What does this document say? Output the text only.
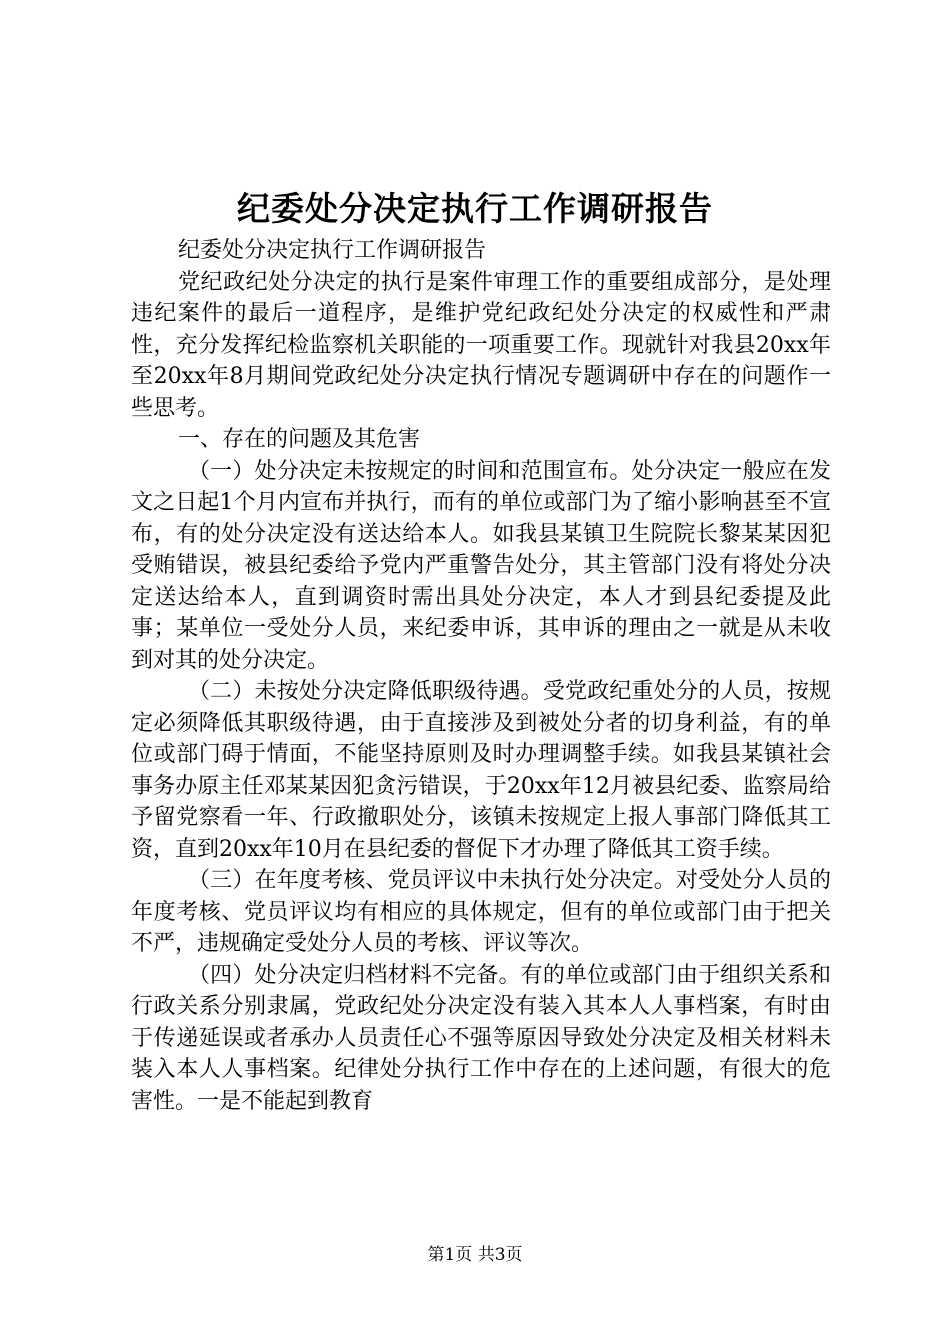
纪委处分决定执行工作调研报告

纪委处分决定执行工作调研报告

党纪政纪处分决定的执行是案件审理工作的重要组成部分，是处理违纪案件的最后一道程序，是维护党纪政纪处分决定的权威性和严肃性，充分发挥纪检监察机关职能的一项重要工作。现就针对我县20xx年至20xx年8月期间党政纪处分决定执行情况专题调研中存在的问题作一些思考。

一、存在的问题及其危害

（一）处分决定未按规定的时间和范围宣布。处分决定一般应在发文之日起1个月内宣布并执行，而有的单位或部门为了缩小影响甚至不宣布，有的处分决定没有送达给本人。如我县某镇卫生院院长黎某某因犯受贿错误，被县纪委给予党内严重警告处分，其主管部门没有将处分决定送达给本人，直到调资时需出具处分决定，本人才到县纪委提及此事；某单位一受处分人员，来纪委申诉，其申诉的理由之一就是从未收到对其的处分决定。

（二）未按处分决定降低职级待遇。受党政纪重处分的人员，按规定必须降低其职级待遇，由于直接涉及到被处分者的切身利益，有的单位或部门碍于情面，不能坚持原则及时办理调整手续。如我县某镇社会事务办原主任邓某某因犯贪污错误，于20xx年12月被县纪委、监察局给予留党察看一年、行政撤职处分，该镇未按规定上报人事部门降低其工资，直到20xx年10月在县纪委的督促下才办理了降低其工资手续。

（三）在年度考核、党员评议中未执行处分决定。对受处分人员的年度考核、党员评议均有相应的具体规定，但有的单位或部门由于把关不严，违规确定受处分人员的考核、评议等次。

（四）处分决定归档材料不完备。有的单位或部门由于组织关系和行政关系分别隶属，党政纪处分决定没有装入其本人人事档案，有时由于传递延误或者承办人员责任心不强等原因导致处分决定及相关材料未装入本人人事档案。纪律处分执行工作中存在的上述问题，有很大的危害性。一是不能起到教育

第1页 共3页
